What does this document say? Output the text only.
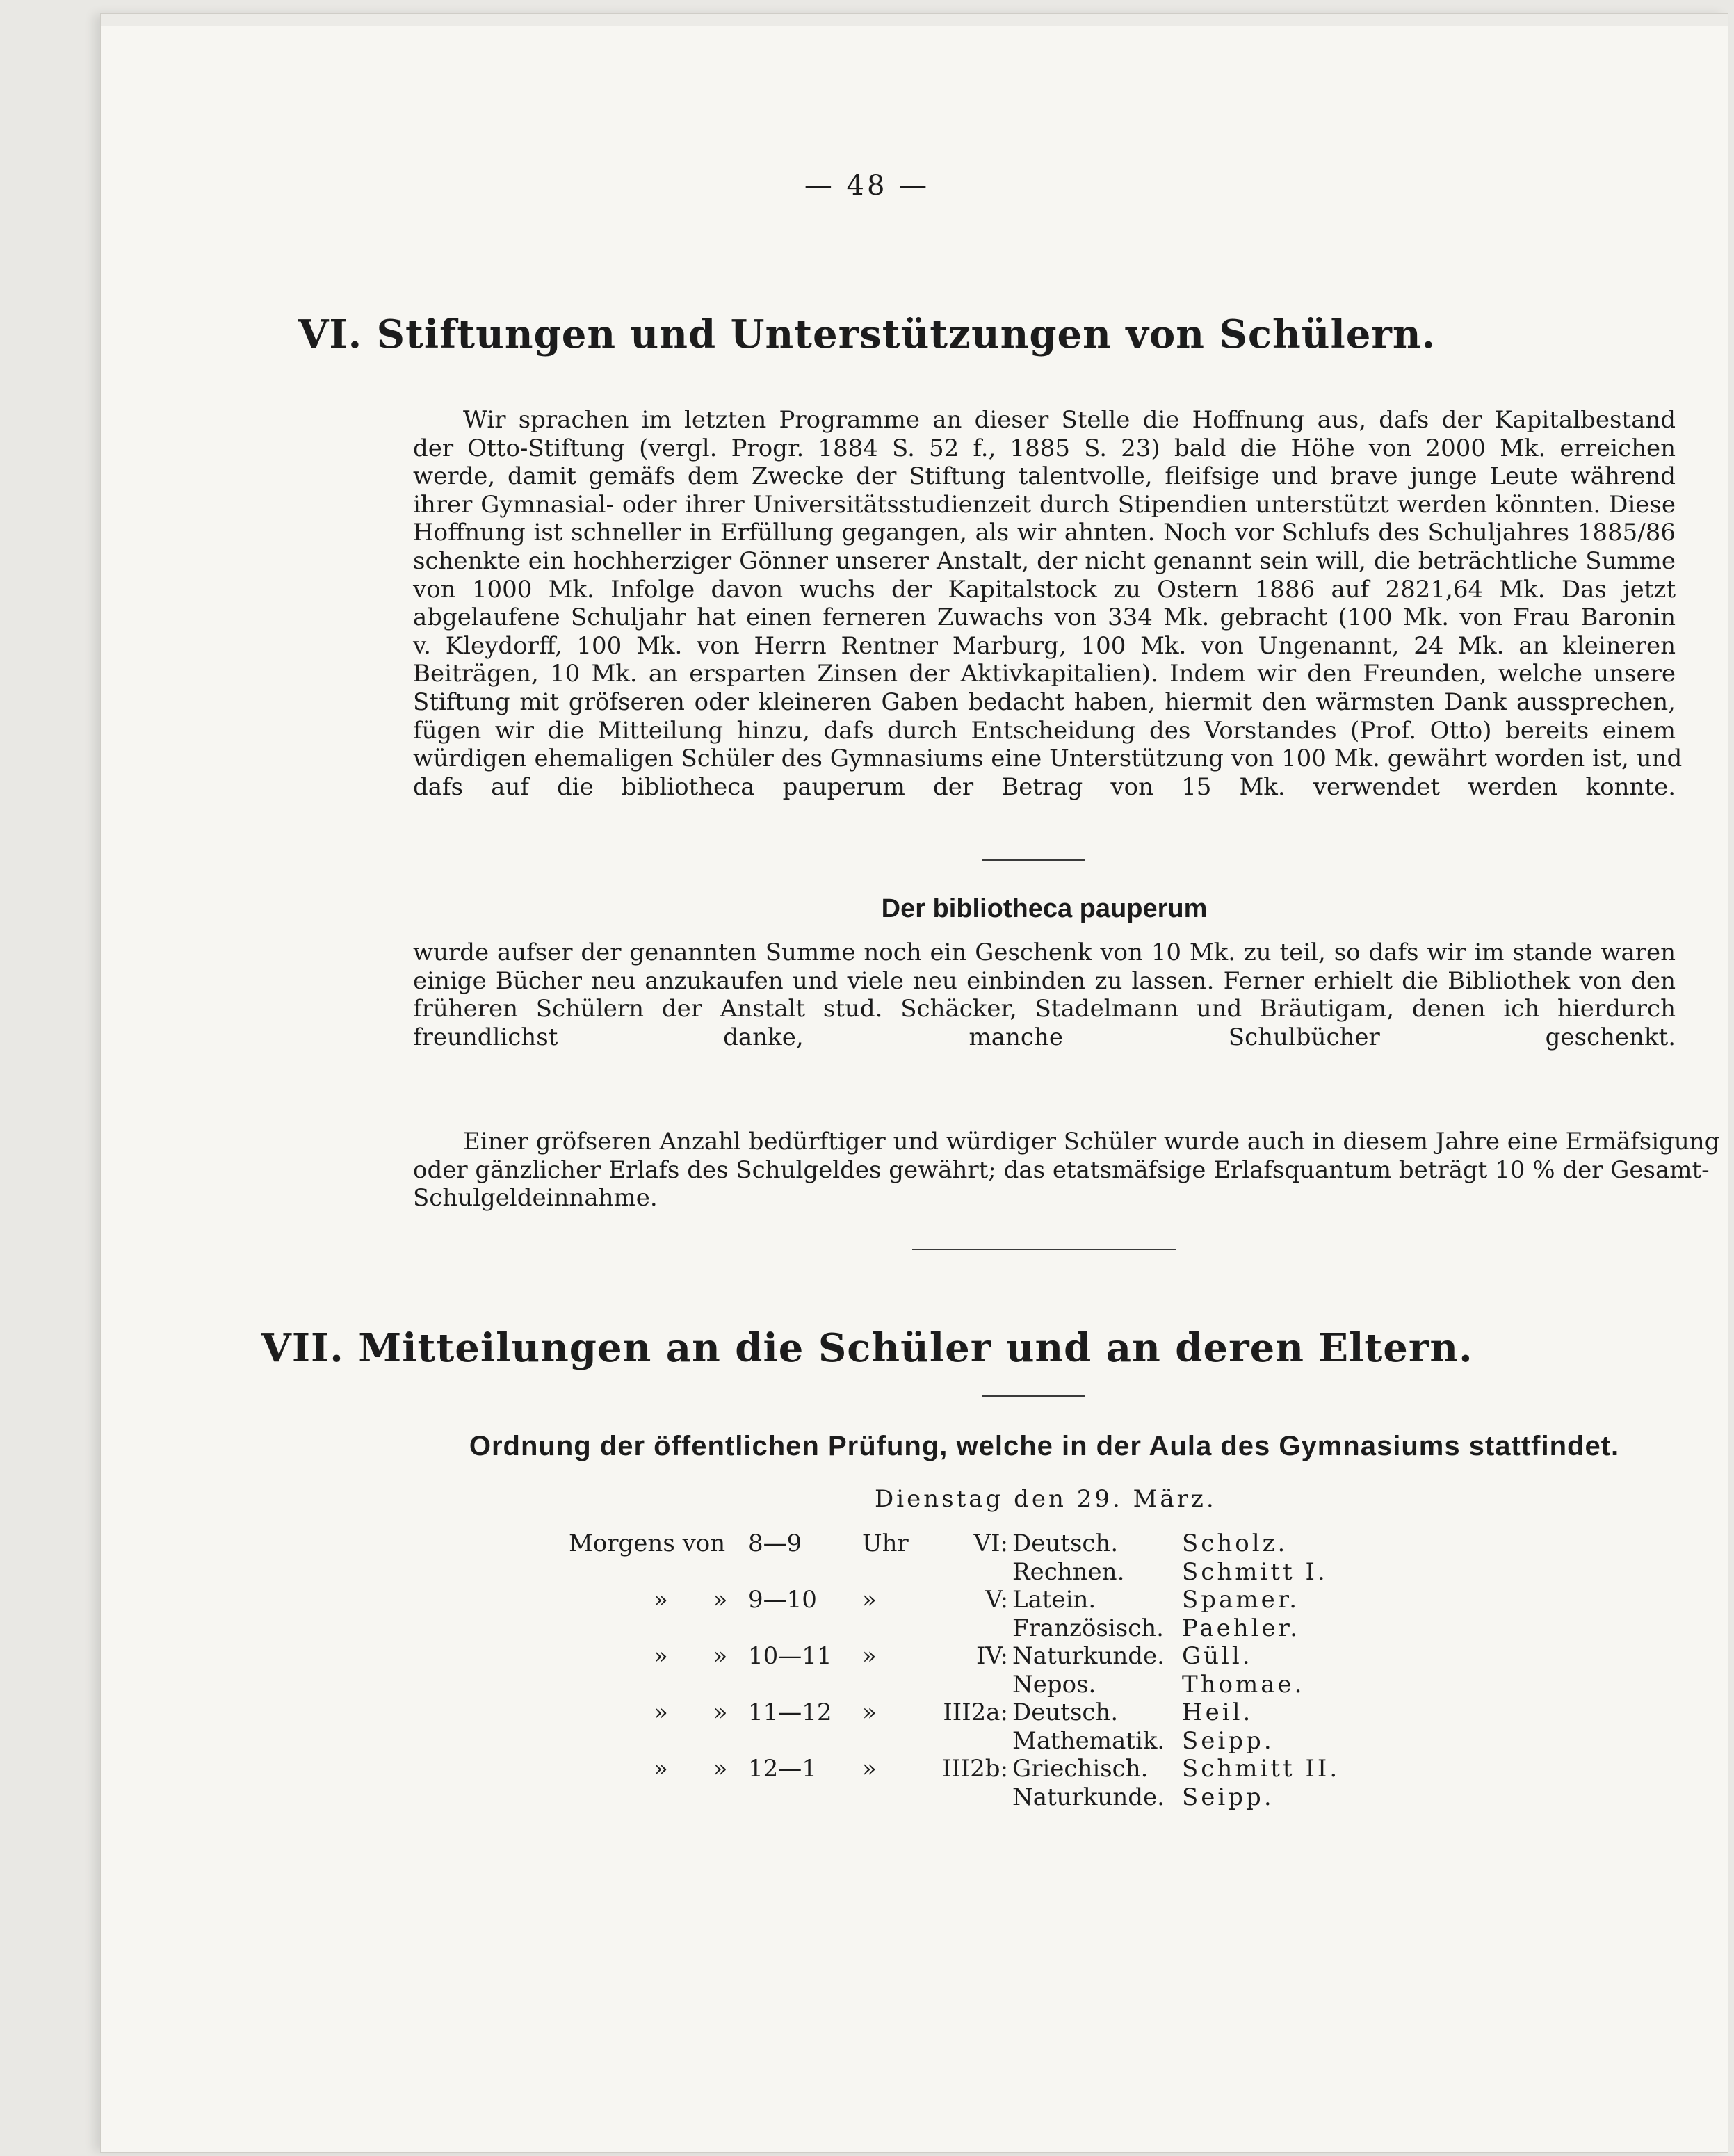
— 48 —
VI. Stiftungen und Unterstützungen von Schülern.
Wir sprachen im letzten Programme an dieser Stelle die Hoffnung aus, dafs der Kapitalbestand
der Otto-Stiftung (vergl. Progr. 1884 S. 52 f., 1885 S. 23) bald die Höhe von 2000 Mk. erreichen
werde, damit gemäfs dem Zwecke der Stiftung talentvolle, fleifsige und brave junge Leute während
ihrer Gymnasial- oder ihrer Universitätsstudienzeit durch Stipendien unterstützt werden könnten. Diese
Hoffnung ist schneller in Erfüllung gegangen, als wir ahnten. Noch vor Schlufs des Schuljahres 1885/86
schenkte ein hochherziger Gönner unserer Anstalt, der nicht genannt sein will, die beträchtliche Summe
von 1000 Mk. Infolge davon wuchs der Kapitalstock zu Ostern 1886 auf 2821,64 Mk. Das jetzt
abgelaufene Schuljahr hat einen ferneren Zuwachs von 334 Mk. gebracht (100 Mk. von Frau Baronin
v. Kleydorff, 100 Mk. von Herrn Rentner Marburg, 100 Mk. von Ungenannt, 24 Mk. an kleineren
Beiträgen, 10 Mk. an ersparten Zinsen der Aktivkapitalien). Indem wir den Freunden, welche unsere
Stiftung mit gröfseren oder kleineren Gaben bedacht haben, hiermit den wärmsten Dank aussprechen,
fügen wir die Mitteilung hinzu, dafs durch Entscheidung des Vorstandes (Prof. Otto) bereits einem
würdigen ehemaligen Schüler des Gymnasiums eine Unterstützung von 100 Mk. gewährt worden ist, und
dafs auf die bibliotheca pauperum der Betrag von 15 Mk. verwendet werden konnte.
Der bibliotheca pauperum
wurde aufser der genannten Summe noch ein Geschenk von 10 Mk. zu teil, so dafs wir im stande waren
einige Bücher neu anzukaufen und viele neu einbinden zu lassen. Ferner erhielt die Bibliothek von den
früheren Schülern der Anstalt stud. Schäcker, Stadelmann und Bräutigam, denen ich hierdurch
freundlichst danke, manche Schulbücher geschenkt.
Einer gröfseren Anzahl bedürftiger und würdiger Schüler wurde auch in diesem Jahre eine Ermäfsigung
oder gänzlicher Erlafs des Schulgeldes gewährt; das etatsmäfsige Erlafsquantum beträgt 10 % der Gesamt-
Schulgeldeinnahme.
VII. Mitteilungen an die Schüler und an deren Eltern.
Ordnung der öffentlichen Prüfung, welche in der Aula des Gymnasiums stattfindet.
Dienstag den 29. März.
Morgens von 8—9	Uhr	VI: Deutsch.	Scholz.
Rechnen. Schmitt I.
»      » 9—10 »	V: Latein.	Spamer.
Französisch. Paehler.
»      » 10—11 »	IV: Naturkunde. Güll.
Nepos.	Thomae.
»      » 11—12 »	III2a: Deutsch.	Heil.
Mathematik. Seipp.
»      » 12—1 »	III2b: Griechisch. Schmitt II.
Naturkunde. Seipp.
